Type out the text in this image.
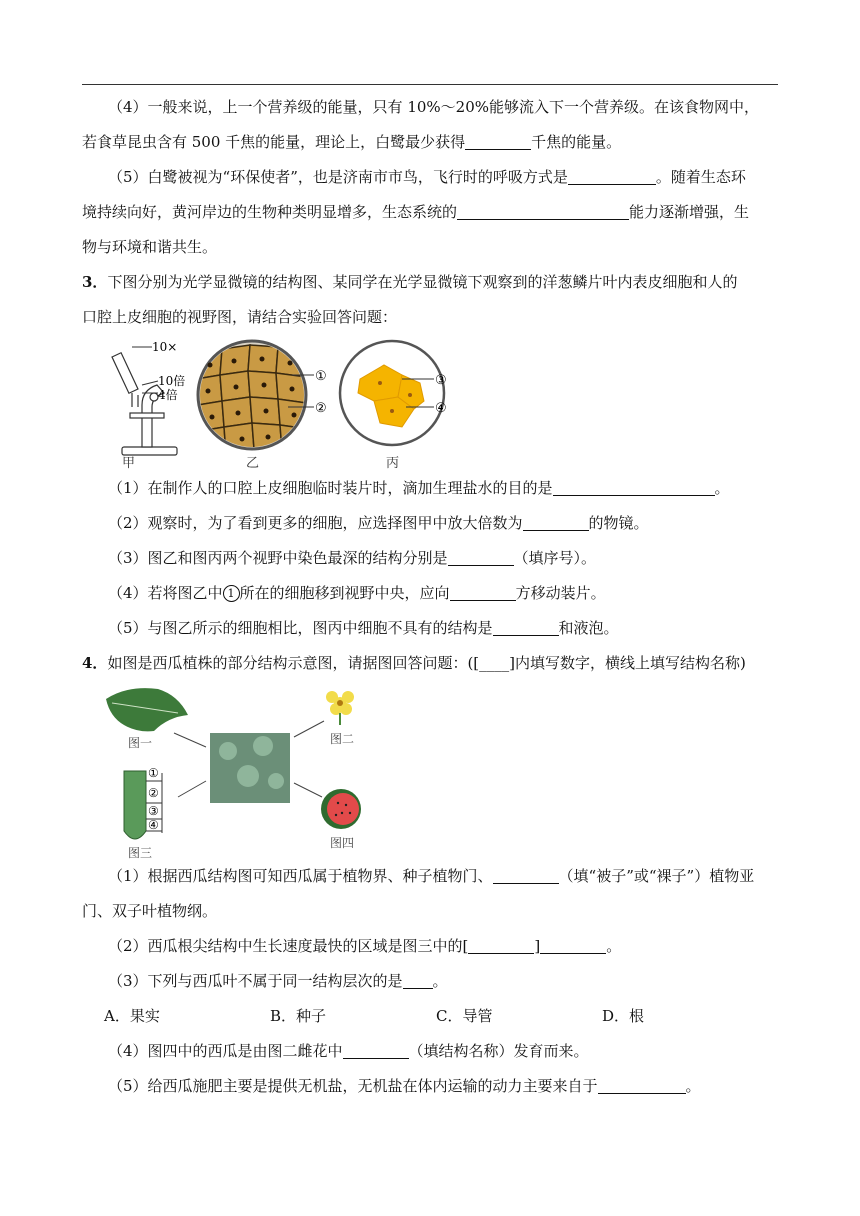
（4）一般来说，上一个营养级的能量，只有 10%～20%能够流入下一个营养级。在该食物网中，

若食草昆虫含有 500 千焦的能量，理论上，白鹭最少获得	千焦的能量。

（5）白鹭被视为“环保使者”，也是济南市市鸟，飞行时的呼吸方式是	。随着生态环

境持续向好，黄河岸边的生物种类明显增多，生态系统的	能力逐渐增强，生

物与环境和谐共生。

3．下图分别为光学显微镜的结构图、某同学在光学显微镜下观察到的洋葱鳞片叶内表皮细胞和人的

口腔上皮细胞的视野图，请结合实验回答问题：

10×
10倍
4倍
甲
①
②
乙
③
④
丙

（1）在制作人的口腔上皮细胞临时装片时，滴加生理盐水的目的是	。

（2）观察时，为了看到更多的细胞，应选择图甲中放大倍数为	的物镜。

（3）图乙和图丙两个视野中染色最深的结构分别是	（填序号）。

（4）若将图乙中 1 所在的细胞移到视野中央，应向	方移动装片。

（5）与图乙所示的细胞相比，图丙中细胞不具有的结构是	和液泡。

4．如图是西瓜植株的部分结构示意图，请据图回答问题：([____]内填写数字，横线上填写结构名称)

图一	图二
①
②
③
④
图三
图四

（1）根据西瓜结构图可知西瓜属于植物界、种子植物门、	（填“被子”或“裸子”）植物亚

门、双子叶植物纲。

（2）西瓜根尖结构中生长速度最快的区域是图三中的[	]	。

（3）下列与西瓜叶不属于同一结构层次的是 。

A．果实	B．种子	C．导管	D．根

（4）图四中的西瓜是由图二雌花中	（填结构名称）发育而来。

（5）给西瓜施肥主要是提供无机盐，无机盐在体内运输的动力主要来自于	。
